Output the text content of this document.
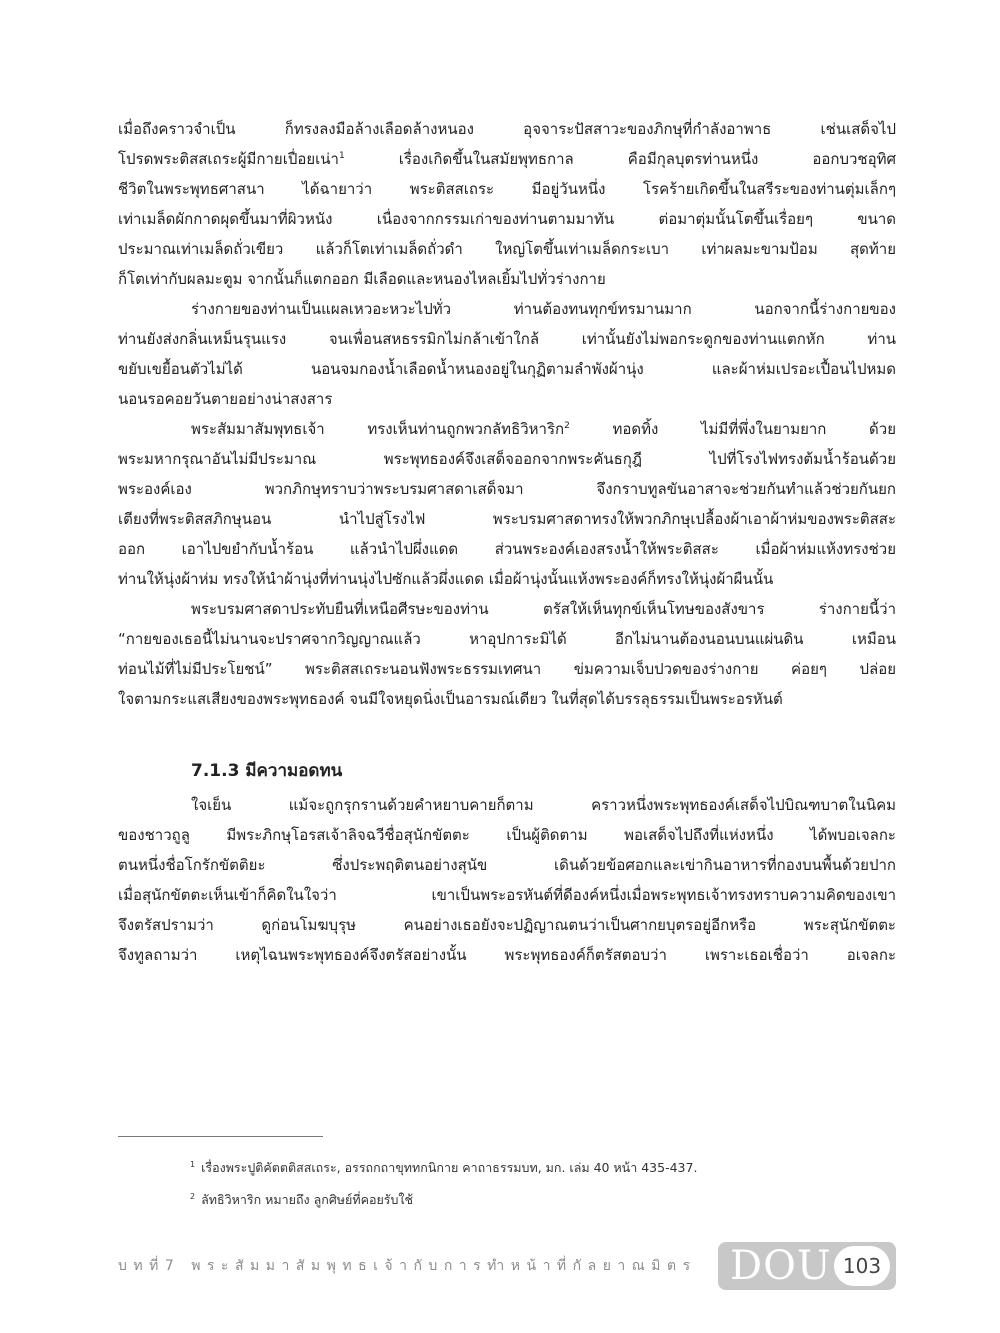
เมื่อถึงคราวจำเป็น ก็ทรงลงมือล้างเลือดล้างหนอง อุจจาระปัสสาวะของภิกษุที่กำลังอาพาธ เช่นเสด็จไป
โปรดพระติสสเถระผู้มีกายเปื่อยเน่า$^1$ เรื่องเกิดขึ้นในสมัยพุทธกาล คือมีกุลบุตรท่านหนึ่ง ออกบวชอุทิศ
ชีวิตในพระพุทธศาสนา ได้ฉายาว่า พระติสสเถระ มีอยู่วันหนึ่ง โรคร้ายเกิดขึ้นในสรีระของท่านตุ่มเล็กๆ
เท่าเมล็ดผักกาดผุดขึ้นมาที่ผิวหนัง เนื่องจากกรรมเก่าของท่านตามมาทัน ต่อมาตุ่มนั้นโตขึ้นเรื่อยๆ ขนาด
ประมาณเท่าเมล็ดถั่วเขียว แล้วก็โตเท่าเมล็ดถั่วดำ ใหญ่โตขึ้นเท่าเมล็ดกระเบา เท่าผลมะขามป้อม สุดท้าย
ก็โตเท่ากับผลมะตูม จากนั้นก็แตกออก มีเลือดและหนองไหลเยิ้มไปทั่วร่างกาย
ร่างกายของท่านเป็นแผลเหวอะหวะไปทั่ว ท่านต้องทนทุกข์ทรมานมาก นอกจากนี้ร่างกายของ
ท่านยังส่งกลิ่นเหม็นรุนแรง จนเพื่อนสหธรรมิกไม่กล้าเข้าใกล้ เท่านั้นยังไม่พอกระดูกของท่านแตกหัก ท่าน
ขยับเขยื้อนตัวไม่ได้ นอนจมกองน้ำเลือดน้ำหนองอยู่ในกุฏิตามลำพังผ้านุ่ง และผ้าห่มเปรอะเปื้อนไปหมด
นอนรอคอยวันตายอย่างน่าสงสาร
พระสัมมาสัมพุทธเจ้า ทรงเห็นท่านถูกพวกลัทธิวิหาริก$^2$ ทอดทิ้ง ไม่มีที่พึ่งในยามยาก ด้วย
พระมหากรุณาอันไม่มีประมาณ พระพุทธองค์จึงเสด็จออกจากพระคันธกุฎี ไปที่โรงไฟทรงต้มน้ำร้อนด้วย
พระองค์เอง พวกภิกษุทราบว่าพระบรมศาสดาเสด็จมา จึงกราบทูลขันอาสาจะช่วยกันทำแล้วช่วยกันยก
เตียงที่พระติสสภิกษุนอน นำไปสู่โรงไฟ พระบรมศาสดาทรงให้พวกภิกษุเปลื้องผ้าเอาผ้าห่มของพระติสสะ
ออก เอาไปขยำกับน้ำร้อน แล้วนำไปผึ่งแดด ส่วนพระองค์เองสรงน้ำให้พระติสสะ เมื่อผ้าห่มแห้งทรงช่วย
ท่านให้นุ่งผ้าห่ม ทรงให้นำผ้านุ่งที่ท่านนุ่งไปซักแล้วผึ่งแดด เมื่อผ้านุ่งนั้นแห้งพระองค์ก็ทรงให้นุ่งผ้าผืนนั้น
พระบรมศาสดาประทับยืนที่เหนือศีรษะของท่าน ตรัสให้เห็นทุกข์เห็นโทษของสังขาร ร่างกายนี้ว่า
“กายของเธอนี้ไม่นานจะปราศจากวิญญาณแล้ว หาอุปการะมิได้ อีกไม่นานต้องนอนบนแผ่นดิน เหมือน
ท่อนไม้ที่ไม่มีประโยชน์” พระติสสเถระนอนฟังพระธรรมเทศนา ข่มความเจ็บปวดของร่างกาย ค่อยๆ ปล่อย
ใจตามกระแสเสียงของพระพุทธองค์ จนมีใจหยุดนิ่งเป็นอารมณ์เดียว ในที่สุดได้บรรลุธรรมเป็นพระอรหันต์
7.1.3 มีความอดทน
ใจเย็น แม้จะถูกรุกรานด้วยคำหยาบคายก็ตาม คราวหนึ่งพระพุทธองค์เสด็จไปบิณฑบาตในนิคม
ของชาวถูลู มีพระภิกษุโอรสเจ้าลิจฉวีชื่อสุนักขัตตะ เป็นผู้ติดตาม พอเสด็จไปถึงที่แห่งหนึ่ง ได้พบอเจลกะ
ตนหนึ่งชื่อโกรักขัตติยะ ซึ่งประพฤติตนอย่างสุนัข เดินด้วยข้อศอกและเข่ากินอาหารที่กองบนพื้นด้วยปาก
เมื่อสุนักขัตตะเห็นเข้าก็คิดในใจว่า เขาเป็นพระอรหันต์ที่ดีองค์หนึ่งเมื่อพระพุทธเจ้าทรงทราบความคิดของเขา
จึงตรัสปรามว่า ดูก่อนโมฆบุรุษ คนอย่างเธอยังจะปฏิญาณตนว่าเป็นศากยบุตรอยู่อีกหรือ พระสุนักขัตตะ
จึงทูลถามว่า เหตุไฉนพระพุทธองค์จึงตรัสอย่างนั้น พระพุทธองค์ก็ตรัสตอบว่า เพราะเธอเชื่อว่า อเจลกะ
$^1$ เรื่องพระปูติคัตตติสสเถระ, อรรถกถาขุททกนิกาย คาถาธรรมบท, มก. เล่ม 40 หน้า 435-437.
$^2$ ลัทธิวิหาริก หมายถึง ลูกศิษย์ที่คอยรับใช้
บทที่7 พระสัมมาสัมพุทธเจ้ากับการทำหน้าที่กัลยาณมิตร DOU 103
